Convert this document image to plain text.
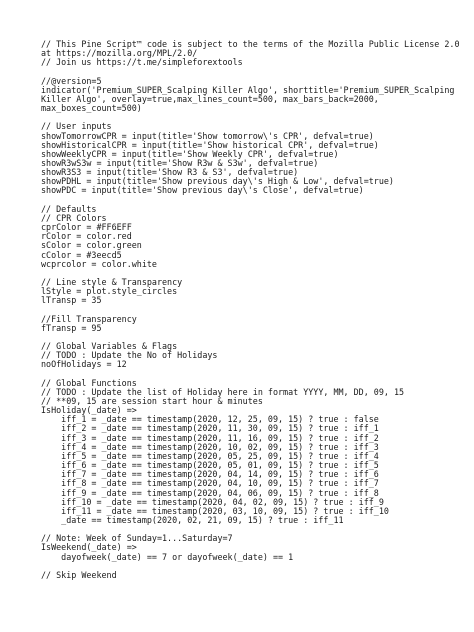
// This Pine Script™ code is subject to the terms of the Mozilla Public License 2.0
at https://mozilla.org/MPL/2.0/
// Join us https://t.me/simpleforextools
//@version=5
indicator('Premium_SUPER_Scalping Killer Algo', shorttitle='Premium_SUPER_Scalping
Killer Algo', overlay=true,max_lines_count=500, max_bars_back=2000,
max_boxes_count=500)
// User inputs
showTomorrowCPR = input(title='Show tomorrow\'s CPR', defval=true)
showHistoricalCPR = input(title='Show historical CPR', defval=true)
showWeeklyCPR = input(title='Show Weekly CPR', defval=true)
showR3wS3w = input(title='Show R3w & S3w', defval=true)
showR3S3 = input(title='Show R3 & S3', defval=true)
showPDHL = input(title='Show previous day\'s High & Low', defval=true)
showPDC = input(title='Show previous day\'s Close', defval=true)
// Defaults
// CPR Colors
cprColor = #FF6EFF
rColor = color.red
sColor = color.green
cColor = #3eecd5
wcprcolor = color.white
// Line style & Transparency
lStyle = plot.style_circles
lTransp = 35
//Fill Transparency
fTransp = 95
// Global Variables & Flags
// TODO : Update the No of Holidays
noOfHolidays = 12
// Global Functions
// TODO : Update the list of Holiday here in format YYYY, MM, DD, 09, 15
// **09, 15 are session start hour & minutes
IsHoliday(_date) =>
iff_1 = _date == timestamp(2020, 12, 25, 09, 15) ? true : false
iff_2 = _date == timestamp(2020, 11, 30, 09, 15) ? true : iff_1
iff_3 = _date == timestamp(2020, 11, 16, 09, 15) ? true : iff_2
iff_4 = _date == timestamp(2020, 10, 02, 09, 15) ? true : iff_3
iff_5 = _date == timestamp(2020, 05, 25, 09, 15) ? true : iff_4
iff_6 = _date == timestamp(2020, 05, 01, 09, 15) ? true : iff_5
iff_7 = _date == timestamp(2020, 04, 14, 09, 15) ? true : iff_6
iff_8 = _date == timestamp(2020, 04, 10, 09, 15) ? true : iff_7
iff_9 = _date == timestamp(2020, 04, 06, 09, 15) ? true : iff_8
iff_10 = _date == timestamp(2020, 04, 02, 09, 15) ? true : iff_9
iff_11 = _date == timestamp(2020, 03, 10, 09, 15) ? true : iff_10
_date == timestamp(2020, 02, 21, 09, 15) ? true : iff_11
// Note: Week of Sunday=1...Saturday=7
IsWeekend(_date) =>
dayofweek(_date) == 7 or dayofweek(_date) == 1
// Skip Weekend
